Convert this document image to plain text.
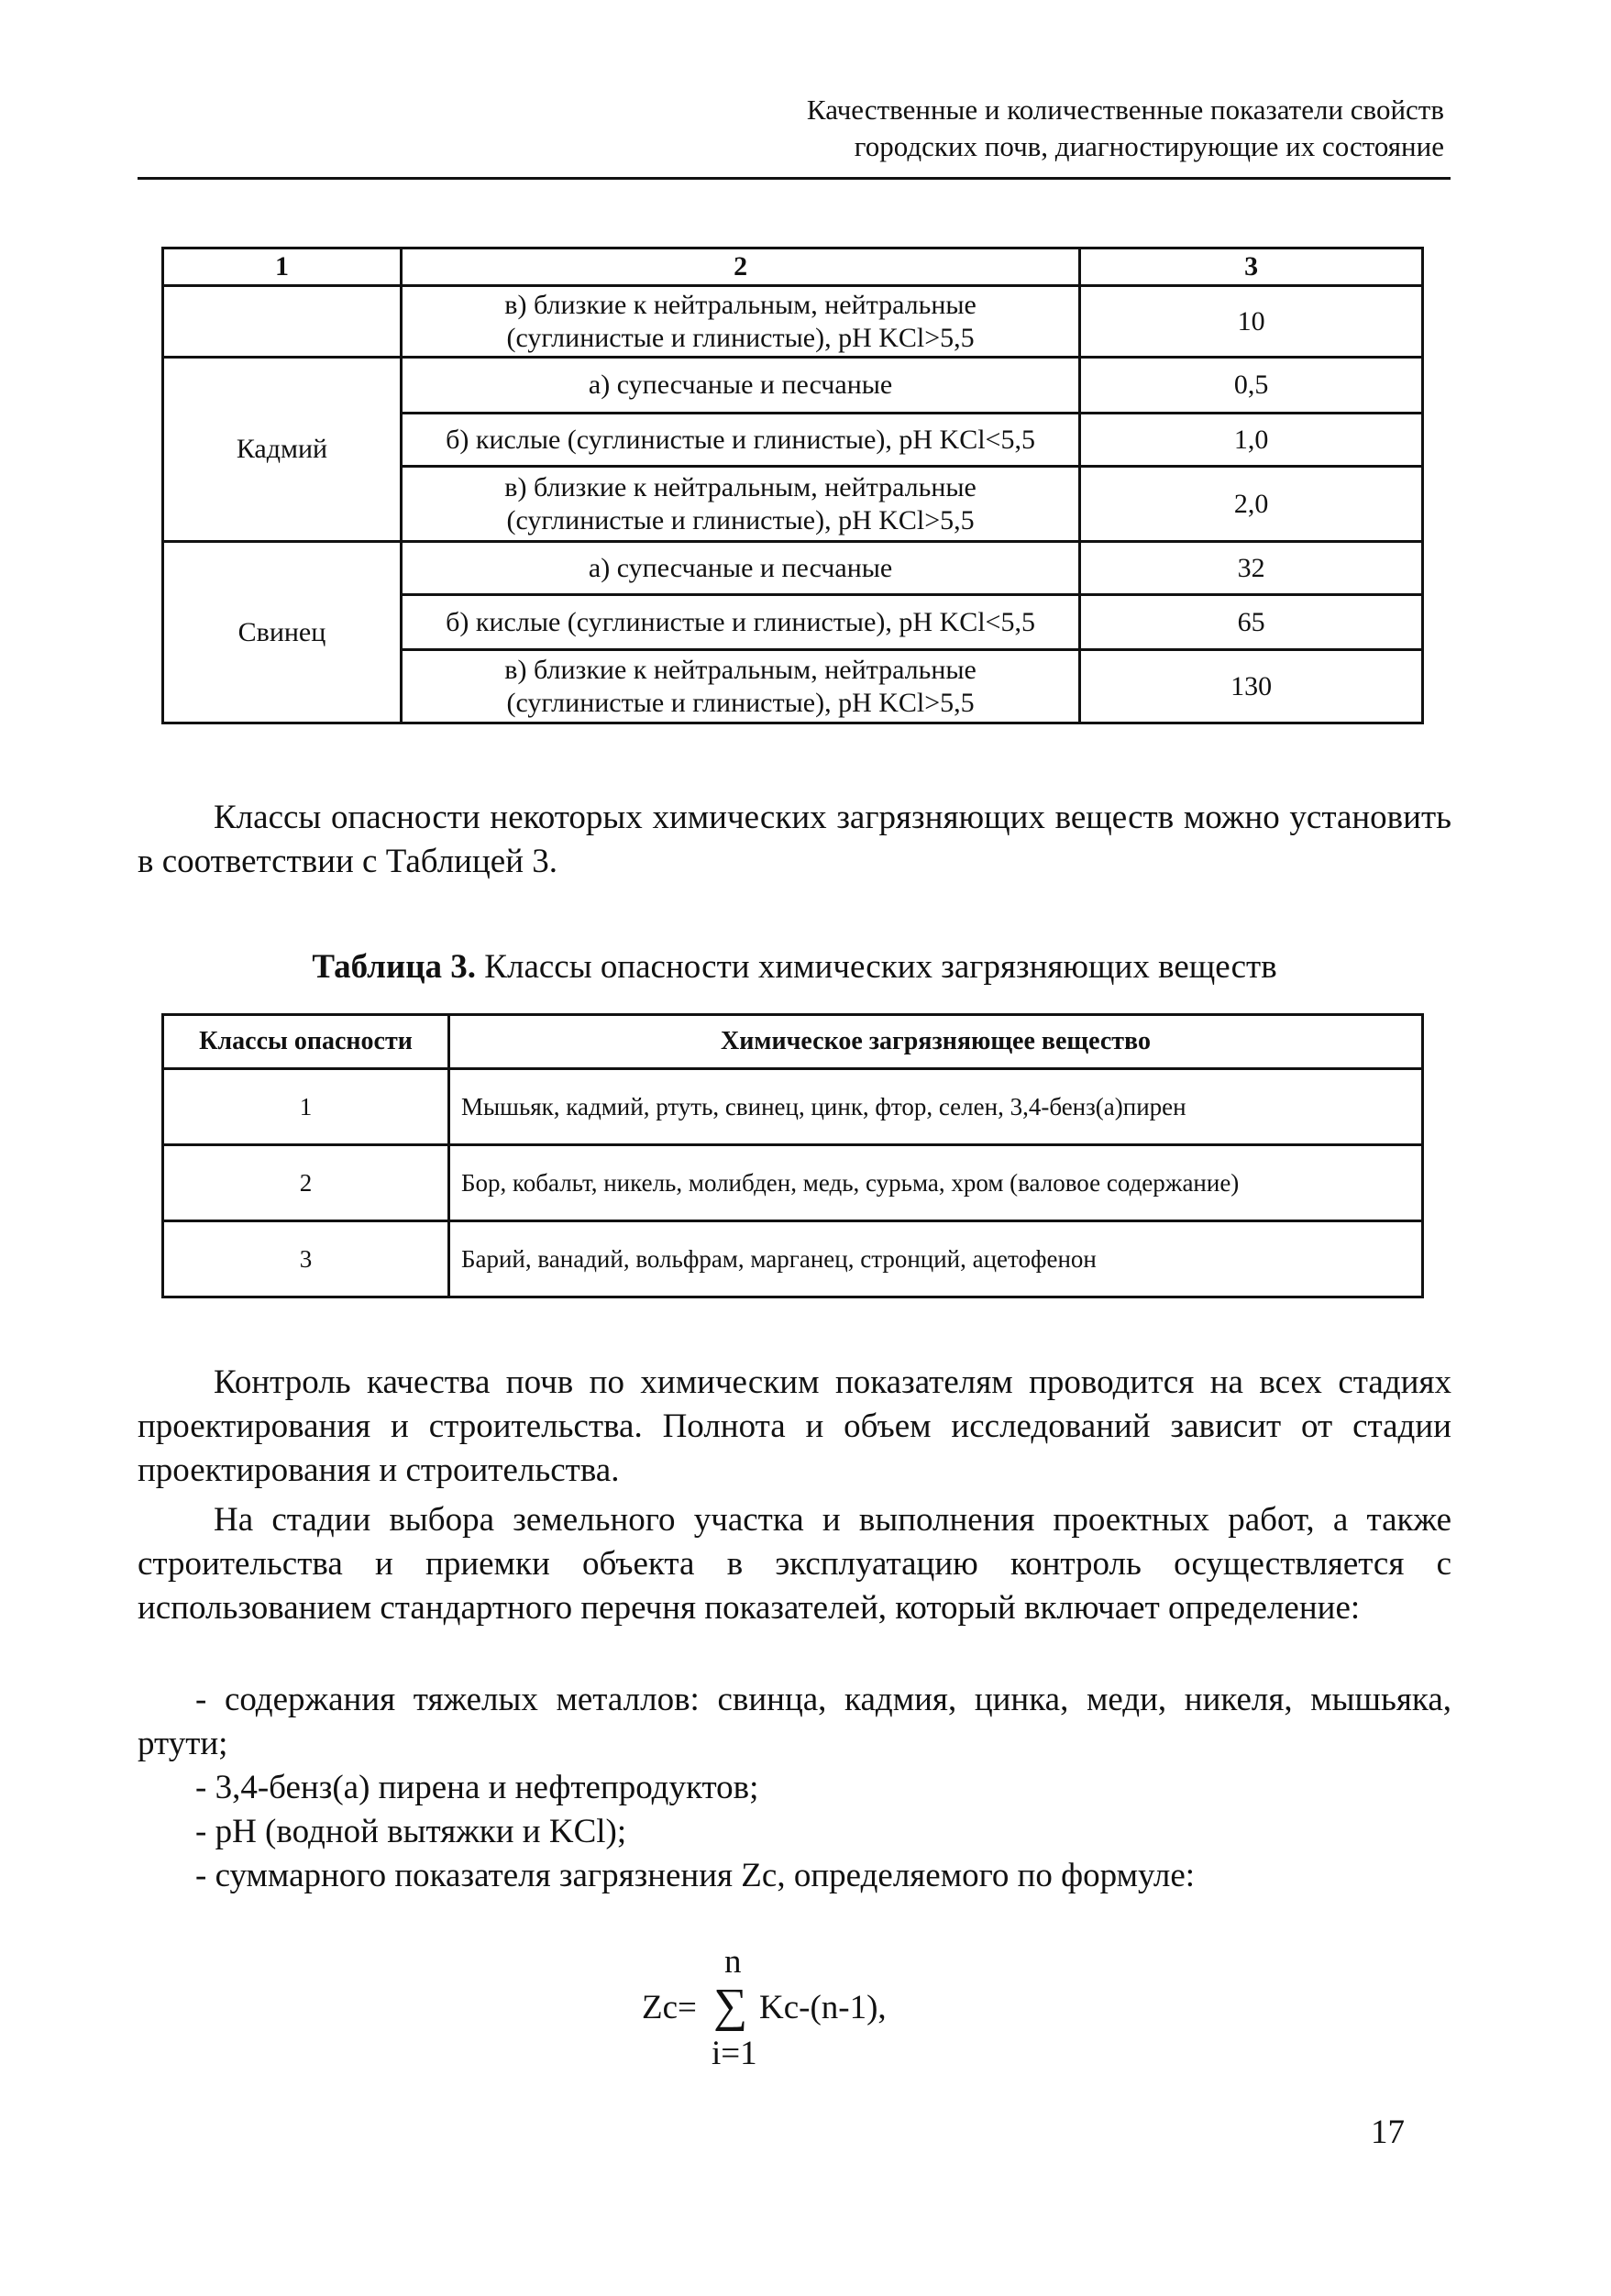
Качественные и количественные показатели свойств
городских почв, диагностирующие их состояние
1	2	3
	в) близкие к нейтральным, нейтральные (суглинистые и глинистые), pH KCl>5,5	10
Кадмий	а) супесчаные и песчаные	0,5
	б) кислые (суглинистые и глинистые), pH KCl<5,5	1,0
	в) близкие к нейтральным, нейтральные (суглинистые и глинистые), pH KCl>5,5	2,0
Свинец	а) супесчаные и песчаные	32
	б) кислые (суглинистые и глинистые), pH KCl<5,5	65
	в) близкие к нейтральным, нейтральные (суглинистые и глинистые), pH KCl>5,5	130
Классы опасности некоторых химических загрязняющих веществ можно установить в соответствии с Таблицей 3.
Таблица 3. Классы опасности химических загрязняющих веществ
Классы опасности	Химическое загрязняющее вещество
1	Мышьяк, кадмий, ртуть, свинец, цинк, фтор, селен, 3,4-бенз(а)пирен
2	Бор, кобальт, никель, молибден, медь, сурьма, хром (валовое содержание)
3	Барий, ванадий, вольфрам, марганец, стронций, ацетофенон
Контроль качества почв по химическим показателям проводится на всех стадиях проектирования и строительства. Полнота и объем исследований зависит от стадии проектирования и строительства.
На стадии выбора земельного участка и выполнения проектных работ, а также строительства и приемки объекта в эксплуатацию контроль осуществляется с использованием стандартного перечня показателей, который включает определение:
- содержания тяжелых металлов: свинца, кадмия, цинка, меди, никеля, мышьяка, ртути;
- 3,4-бенз(а) пирена и нефтепродуктов;
- pH (водной вытяжки и KCl);
- суммарного показателя загрязнения Zc, определяемого по формуле:
n
Zc= ∑ Kc-(n-1),
i=1
17
